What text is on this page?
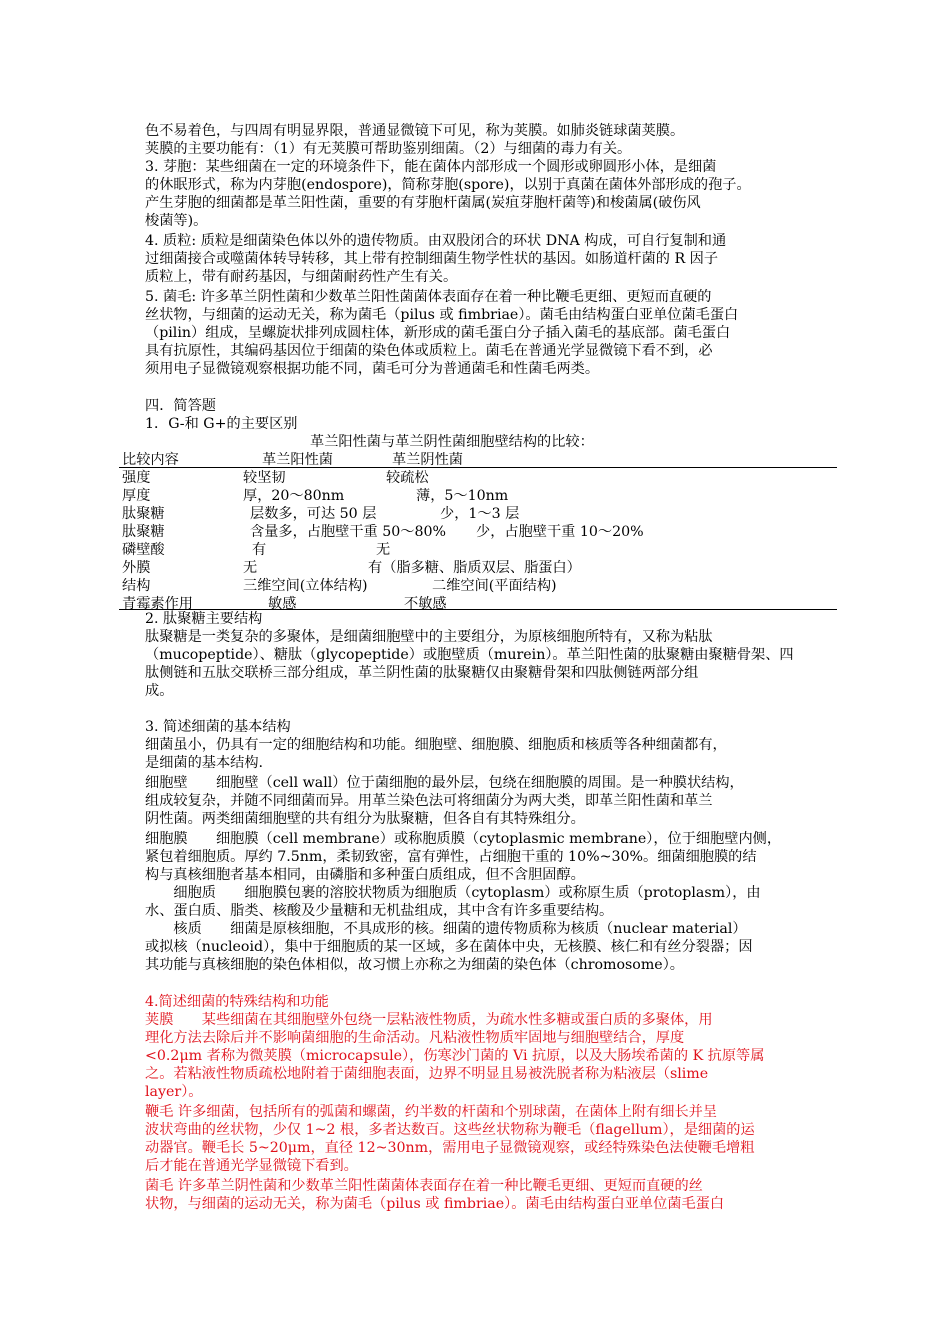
色不易着色，与四周有明显界限，普通显微镜下可见，称为荚膜。如肺炎链球菌荚膜。
荚膜的主要功能有：（1）有无荚膜可帮助鉴别细菌。（2）与细菌的毒力有关。
3. 芽胞：某些细菌在一定的环境条件下，能在菌体内部形成一个圆形或卵圆形小体，是细菌
的休眠形式，称为内芽胞(endospore)，简称芽胞(spore)，以别于真菌在菌体外部形成的孢子。
产生芽胞的细菌都是革兰阳性菌，重要的有芽胞杆菌属(炭疽芽胞杆菌等)和梭菌属(破伤风
梭菌等)。
4. 质粒: 质粒是细菌染色体以外的遗传物质。由双股闭合的环状 DNA 构成，可自行复制和通
过细菌接合或噬菌体转导转移，其上带有控制细菌生物学性状的基因。如肠道杆菌的 R 因子
质粒上，带有耐药基因，与细菌耐药性产生有关。
5. 菌毛: 许多革兰阴性菌和少数革兰阳性菌菌体表面存在着一种比鞭毛更细、更短而直硬的
丝状物，与细菌的运动无关，称为菌毛（pilus 或 fimbriae）。菌毛由结构蛋白亚单位菌毛蛋白
（pilin）组成，呈螺旋状排列成圆柱体，新形成的菌毛蛋白分子插入菌毛的基底部。菌毛蛋白
具有抗原性，其编码基因位于细菌的染色体或质粒上。菌毛在普通光学显微镜下看不到，必
须用电子显微镜观察根据功能不同，菌毛可分为普通菌毛和性菌毛两类。
四．简答题
1．G-和 G+的主要区别
革兰阳性菌与革兰阴性菌细胞壁结构的比较：
比较内容	革兰阳性菌	革兰阴性菌
强度	较坚韧	较疏松
厚度	厚，20～80nm	薄，5～10nm
肽聚糖	层数多，可达 50 层	少，1～3 层
肽聚糖	含量多，占胞壁干重 50～80% 少，占胞壁干重 10～20%
磷壁酸	有	无
外膜	无	有（脂多糖、脂质双层、脂蛋白）
结构	三维空间(立体结构)	二维空间(平面结构)
青霉素作用	敏感	不敏感
2. 肽聚糖主要结构
肽聚糖是一类复杂的多聚体，是细菌细胞壁中的主要组分，为原核细胞所特有，又称为粘肽
（mucopeptide）、糖肽（glycopeptide）或胞壁质（murein）。革兰阳性菌的肽聚糖由聚糖骨架、四
肽侧链和五肽交联桥三部分组成，革兰阴性菌的肽聚糖仅由聚糖骨架和四肽侧链两部分组
成。
3. 简述细菌的基本结构
细菌虽小，仍具有一定的细胞结构和功能。细胞壁、细胞膜、细胞质和核质等各种细菌都有，
是细菌的基本结构.
细胞壁　　细胞壁（cell wall）位于菌细胞的最外层，包绕在细胞膜的周围。是一种膜状结构，
组成较复杂，并随不同细菌而异。用革兰染色法可将细菌分为两大类，即革兰阳性菌和革兰
阴性菌。两类细菌细胞壁的共有组分为肽聚糖，但各自有其特殊组分。
细胞膜　　细胞膜（cell membrane）或称胞质膜（cytoplasmic membrane），位于细胞壁内侧，
紧包着细胞质。厚约 7.5nm，柔韧致密，富有弹性，占细胞干重的 10%~30%。细菌细胞膜的结
构与真核细胞者基本相同，由磷脂和多种蛋白质组成，但不含胆固醇。
　　细胞质　　细胞膜包裹的溶胶状物质为细胞质（cytoplasm）或称原生质（protoplasm），由
水、蛋白质、脂类、核酸及少量糖和无机盐组成，其中含有许多重要结构。
　　核质　　细菌是原核细胞，不具成形的核。细菌的遗传物质称为核质（nuclear material）
或拟核（nucleoid），集中于细胞质的某一区域，多在菌体中央，无核膜、核仁和有丝分裂器；因
其功能与真核细胞的染色体相似，故习惯上亦称之为细菌的染色体（chromosome）。
4.简述细菌的特殊结构和功能
荚膜　　某些细菌在其细胞壁外包绕一层粘液性物质，为疏水性多糖或蛋白质的多聚体，用
理化方法去除后并不影响菌细胞的生命活动。凡粘液性物质牢固地与细胞壁结合，厚度
<0.2μm 者称为微荚膜（microcapsule），伤寒沙门菌的 Vi 抗原，以及大肠埃希菌的 K 抗原等属
之。若粘液性物质疏松地附着于菌细胞表面，边界不明显且易被洗脱者称为粘液层（slime
layer）。
鞭毛 许多细菌，包括所有的弧菌和螺菌，约半数的杆菌和个别球菌，在菌体上附有细长并呈
波状弯曲的丝状物，少仅 1~2 根，多者达数百。这些丝状物称为鞭毛（flagellum），是细菌的运
动器官。鞭毛长 5~20μm，直径 12~30nm，需用电子显微镜观察，或经特殊染色法使鞭毛增粗
后才能在普通光学显微镜下看到。
菌毛 许多革兰阴性菌和少数革兰阳性菌菌体表面存在着一种比鞭毛更细、更短而直硬的丝
状物，与细菌的运动无关，称为菌毛（pilus 或 fimbriae）。菌毛由结构蛋白亚单位菌毛蛋白
